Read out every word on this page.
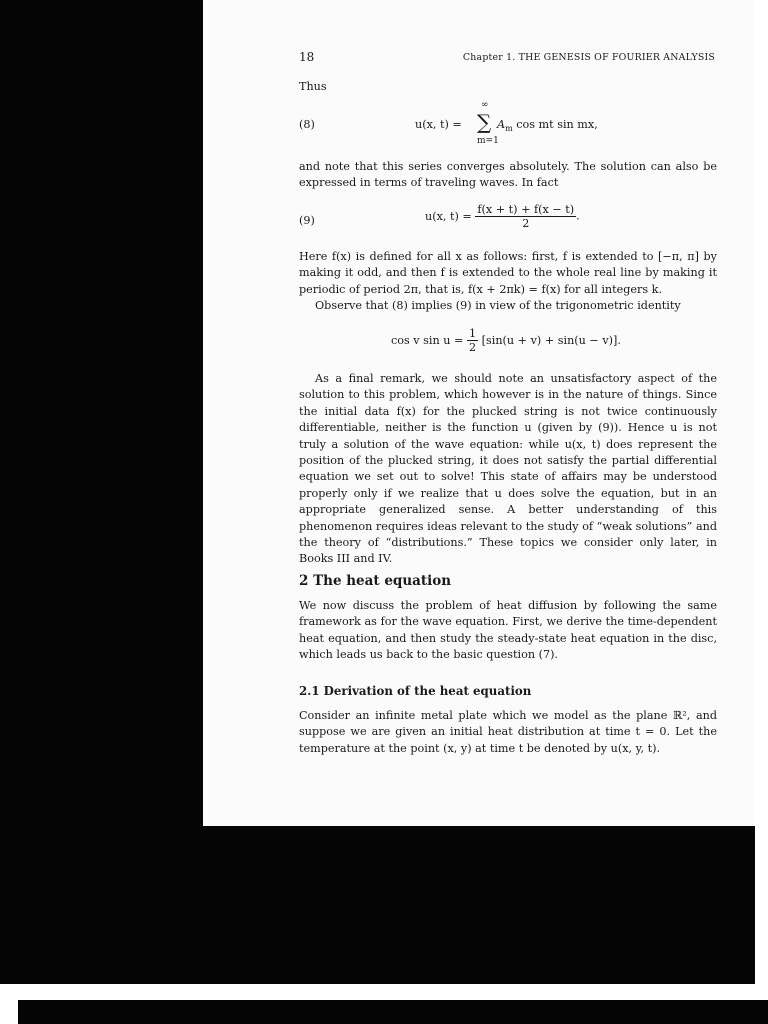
18	Chapter 1. THE GENESIS OF FOURIER ANALYSIS
Thus
(8)	u(x, t) =
∞
∑
m=1
$A_m$ cos mt sin mx,
and note that this series converges absolutely. The solution can also be expressed in terms of traveling waves. In fact
(9)	u(x, $t) = \frac{f(x + t) + f(x - t)}{2}$ .
Here f(x) is defined for all x as follows: first, f is extended to [−π, π] by making it odd, and then f is extended to the whole real line by making it periodic of period 2π, that is, f(x + 2πk) = f(x) for all integers k.
Observe that (8) implies (9) in view of the trigonometric identity
cos v $\sin u = \frac{1}{2} [\sin(u + v) + \sin(u - v)]$.
As a final remark, we should note an unsatisfactory aspect of the solution to this problem, which however is in the nature of things. Since the initial data f(x) for the plucked string is not twice continuously differentiable, neither is the function u (given by (9)). Hence u is not truly a solution of the wave equation: while u(x, t) does represent the position of the plucked string, it does not satisfy the partial differential equation we set out to solve! This state of affairs may be understood properly only if we realize that u does solve the equation, but in an appropriate generalized sense. A better understanding of this phenomenon requires ideas relevant to the study of “weak solutions” and the theory of “distributions.” These topics we consider only later, in Books III and IV.
2 The heat equation
We now discuss the problem of heat diffusion by following the same framework as for the wave equation. First, we derive the time-dependent heat equation, and then study the steady-state heat equation in the disc, which leads us back to the basic question (7).
2.1 Derivation of the heat equation
Consider an infinite metal plate which we model as the plane ℝ², and suppose we are given an initial heat distribution at time t = 0. Let the temperature at the point (x, y) at time t be denoted by u(x, y, t).
